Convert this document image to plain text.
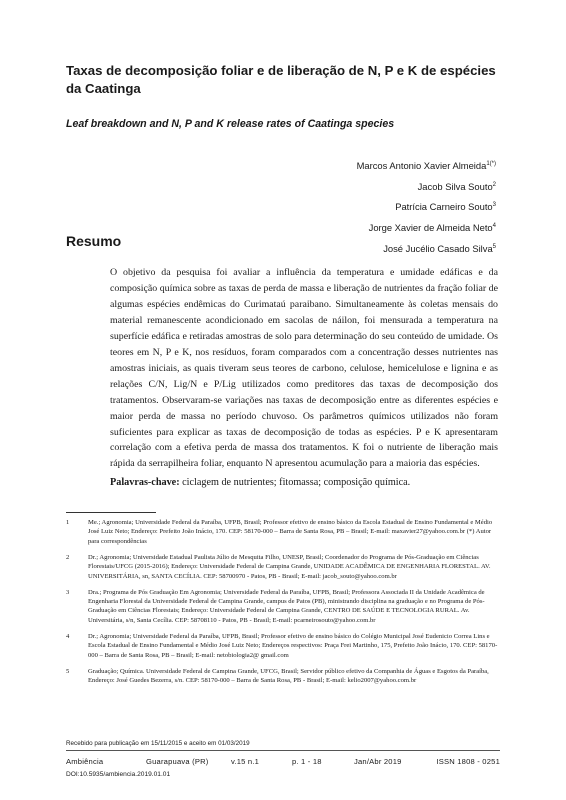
Taxas de decomposição foliar e de liberação de N, P e K de espécies da Caatinga

Leaf breakdown and N, P and K release rates of Caatinga species

Marcos Antonio Xavier Almeida$^{1(*)}$
Jacob Silva Souto$^2$
Patrícia Carneiro Souto$^3$
Jorge Xavier de Almeida Neto$^4$
José Jucélio Casado Silva$^5$
Resumo

O objetivo da pesquisa foi avaliar a influência da temperatura e umidade edáficas e da composição química sobre as taxas de perda de massa e liberação de nutrientes da fração foliar de algumas espécies endêmicas do Curimataú paraibano. Simultaneamente às coletas mensais do material remanescente acondicionado em sacolas de náilon, foi mensurada a temperatura na superfície edáfica e retiradas amostras de solo para determinação do seu conteúdo de umidade. Os teores em N, P e K, nos resíduos, foram comparados com a concentração desses nutrientes nas amostras iniciais, as quais tiveram seus teores de carbono, celulose, hemicelulose e lignina e as relações C/N, Lig/N e P/Lig utilizados como preditores das taxas de decomposição dos tratamentos. Observaram-se variações nas taxas de decomposição entre as diferentes espécies e maior perda de massa no período chuvoso. Os parâmetros químicos utilizados não foram suficientes para explicar as taxas de decomposição de todas as espécies. P e K apresentaram correlação com a efetiva perda de massa dos tratamentos. K foi o nutriente de liberação mais rápida da serrapilheira foliar, enquanto N apresentou acumulação para a maioria das espécies.

Palavras-chave: ciclagem de nutrientes; fitomassa; composição química.

1	Me.; Agronomia; Universidade Federal da Paraíba, UFPB, Brasil; Professor efetivo de ensino básico da Escola Estadual de Ensino Fundamental e Médio José Luiz Neto; Endereço: Prefeito João Inácio, 170. CEP: 58170-000 – Barra de Santa Rosa, PB – Brasil; E-mail: maxavier27@yahoo.com.br (*) Autor para correspondências
2	Dr.; Agronomia; Universidade Estadual Paulista Júlio de Mesquita Filho, UNESP, Brasil; Coordenador do Programa de Pós-Graduação em Ciências Florestais/UFCG (2015-2016); Endereço: Universidade Federal de Campina Grande, UNIDADE ACADÊMICA DE ENGENHARIA FLORESTAL. AV. UNIVERSITÁRIA, sn, SANTA CECÍLIA. CEP: 58700970 - Patos, PB - Brasil; E-mail: jacob_souto@yahoo.com.br
3	Dra.; Programa de Pós Graduação Em Agronomia; Universidade Federal da Paraíba, UFPB, Brasil; Professora Associada II da Unidade Acadêmica de Engenharia Florestal da Universidade Federal de Campina Grande, campus de Patos (PB), ministrando disciplina na graduação e no Programa de Pós-Graduação em Ciências Florestais; Endereço: Universidade Federal de Campina Grande, CENTRO DE SAÚDE E TECNOLOGIA RURAL. Av. Universitária, s/n, Santa Cecília. CEP: 58708110 - Patos, PB - Brasil; E-mail: pcarneirosouto@yahoo.com.br
4	Dr.; Agronomia; Universidade Federal da Paraíba, UFPB, Brasil; Professor efetivo de ensino básico do Colégio Municipal José Eudenicio Correa Lins e Escola Estadual de Ensino Fundamental e Médio José Luiz Neto; Endereços respectivos: Praça Frei Martinho, 175, Prefeito João Inácio, 170. CEP: 58170-000 – Barra de Santa Rosa, PB – Brasil; E-mail: netobiologia2@ gmail.com
5	Graduação; Química. Universidade Federal de Campina Grande, UFCG, Brasil; Servidor público efetivo da Companhia de Águas e Esgotos da Paraíba, Endereço: José Guedes Bezerra, s/n. CEP: 58170-000 – Barra de Santa Rosa, PB - Brasil; E-mail: kelio2007@yahoo.com.br
Recebido para publicação em 15/11/2015 e aceito em 01/03/2019
Ambiência	Guarapuava (PR)	v.15 n.1	p. 1 - 18	Jan/Abr 2019	ISSN 1808 - 0251
DOI:10.5935/ambiencia.2019.01.01
